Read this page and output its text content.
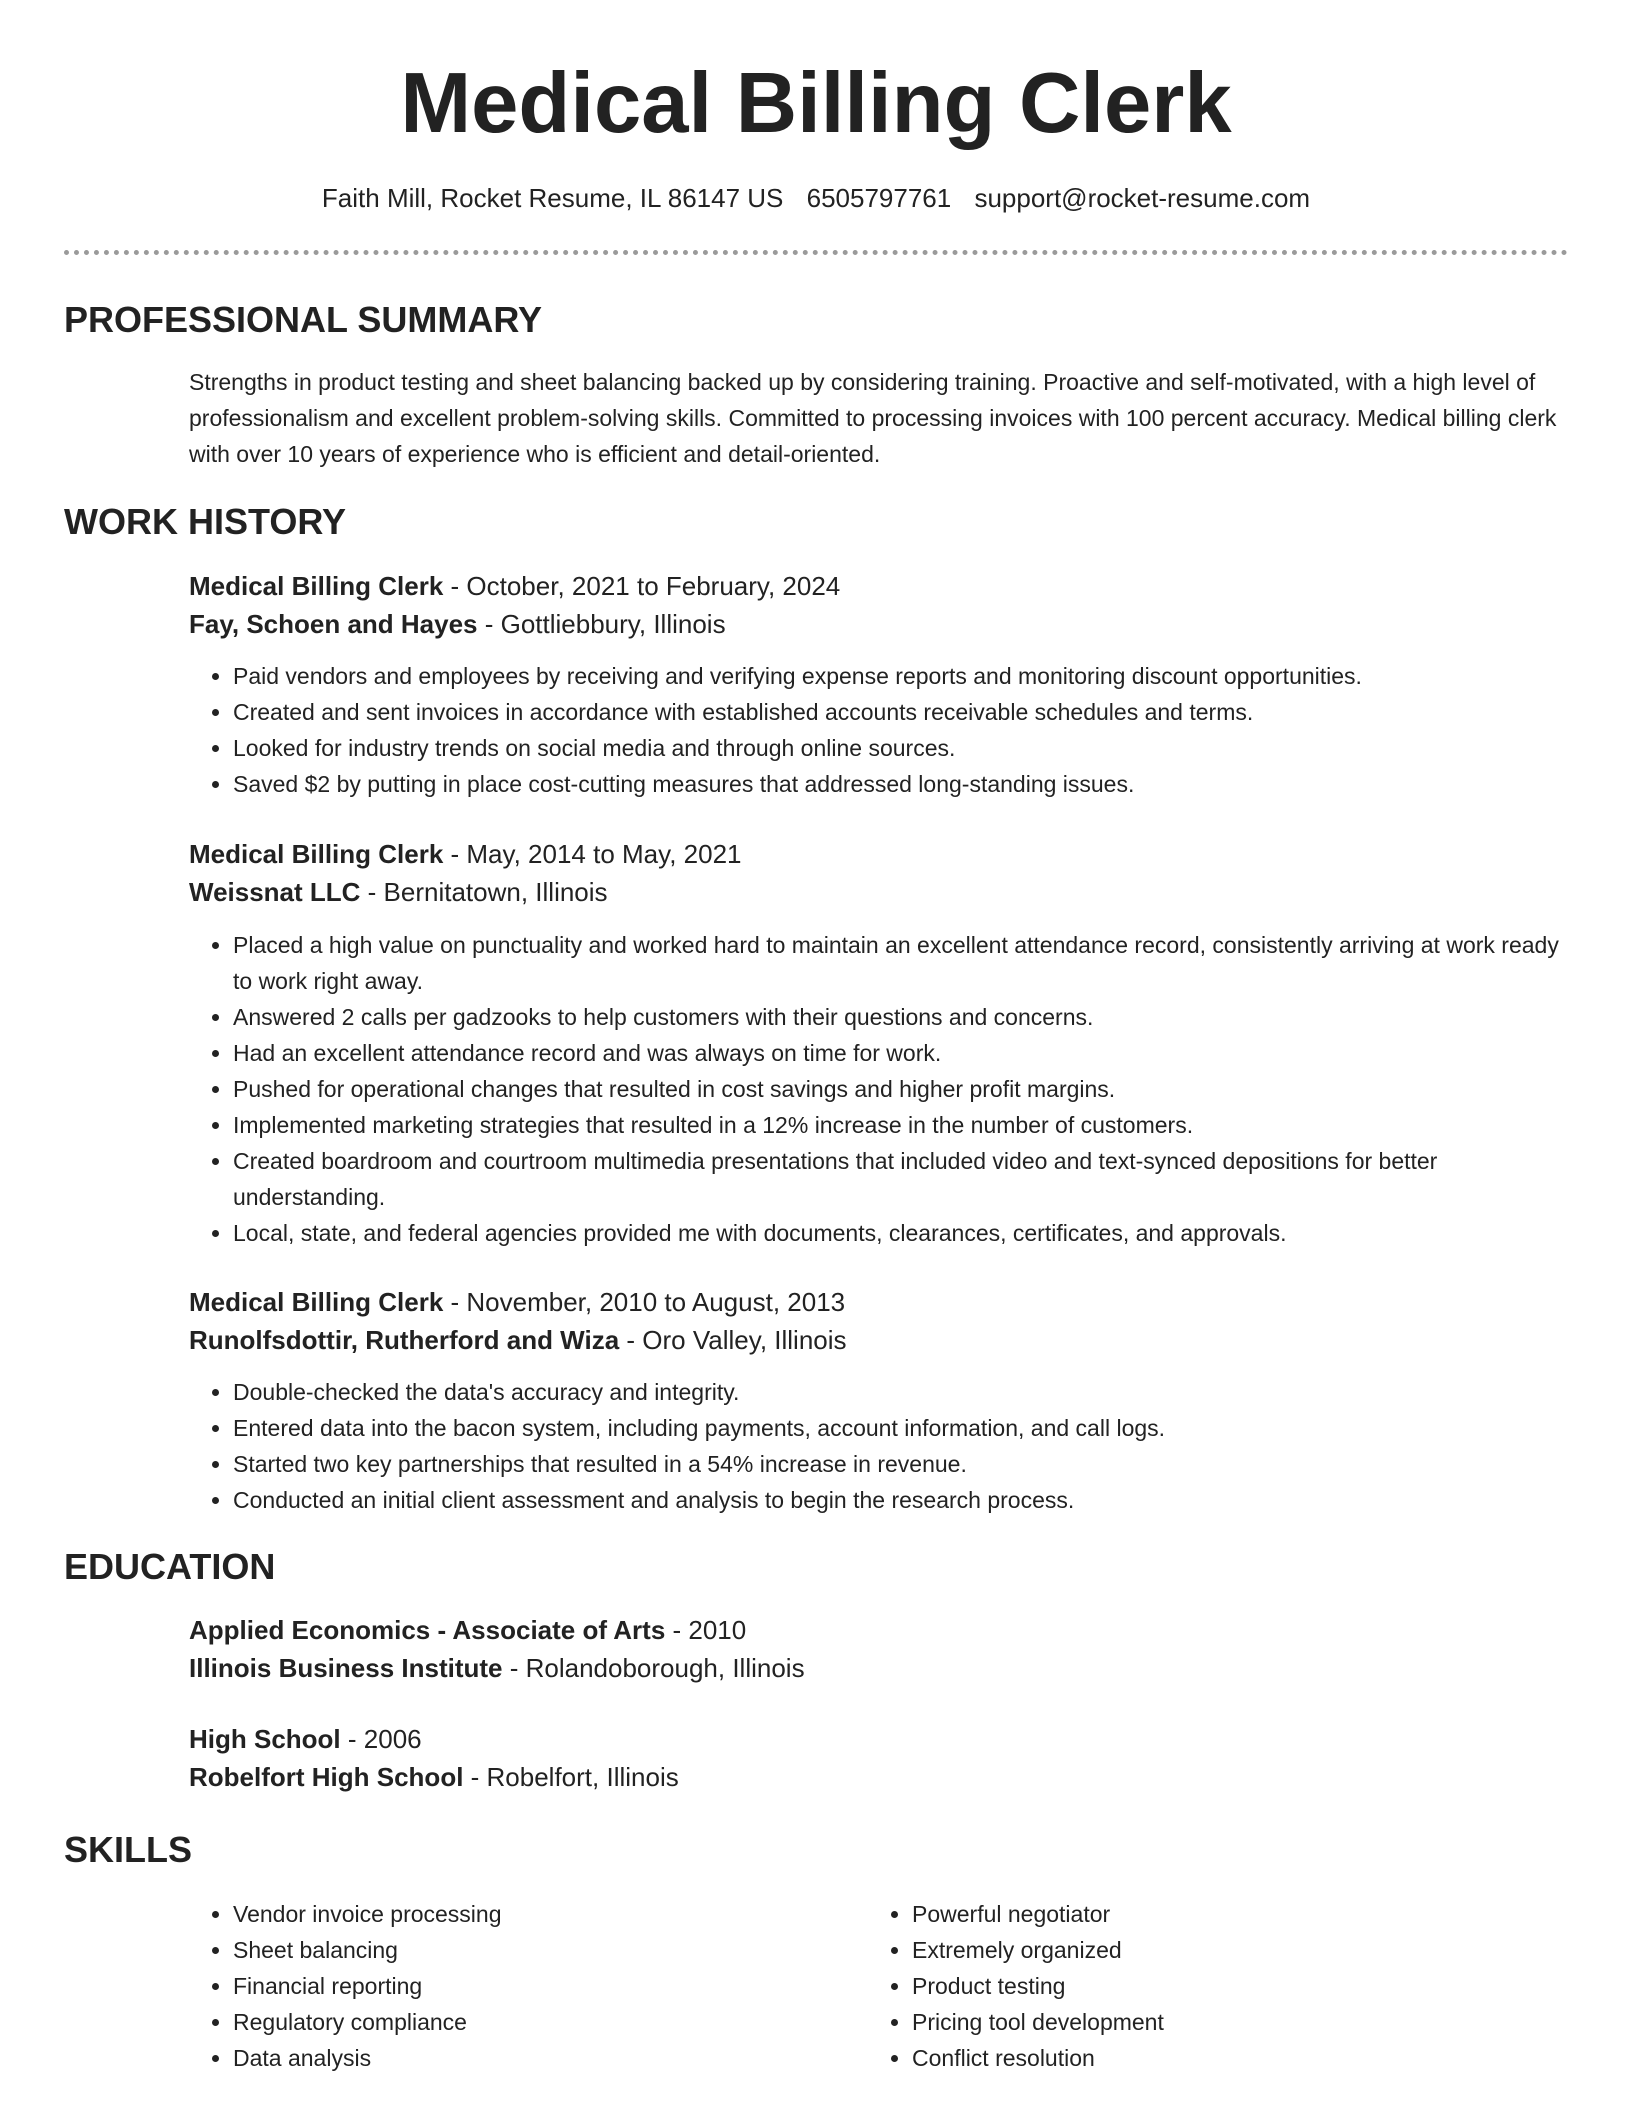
Medical Billing Clerk
Faith Mill, Rocket Resume, IL 86147 US 6505797761 support@rocket-resume.com
PROFESSIONAL SUMMARY

Strengths in product testing and sheet balancing backed up by considering training. Proactive and self-motivated, with a high level of professionalism and excellent problem-solving skills. Committed to processing invoices with 100 percent accuracy. Medical billing clerk with over 10 years of experience who is efficient and detail-oriented.

WORK HISTORY
Medical Billing Clerk - October, 2021 to February, 2024
Fay, Schoen and Hayes - Gottliebbury, Illinois
• Paid vendors and employees by receiving and verifying expense reports and monitoring discount opportunities.
• Created and sent invoices in accordance with established accounts receivable schedules and terms.
• Looked for industry trends on social media and through online sources.
• Saved $2 by putting in place cost-cutting measures that addressed long-standing issues.
Medical Billing Clerk - May, 2014 to May, 2021
Weissnat LLC - Bernitatown, Illinois
• Placed a high value on punctuality and worked hard to maintain an excellent attendance record, consistently arriving at work ready to work right away.
• Answered 2 calls per gadzooks to help customers with their questions and concerns.
• Had an excellent attendance record and was always on time for work.
• Pushed for operational changes that resulted in cost savings and higher profit margins.
• Implemented marketing strategies that resulted in a 12% increase in the number of customers.
• Created boardroom and courtroom multimedia presentations that included video and text-synced depositions for better understanding.
• Local, state, and federal agencies provided me with documents, clearances, certificates, and approvals.
Medical Billing Clerk - November, 2010 to August, 2013
Runolfsdottir, Rutherford and Wiza - Oro Valley, Illinois
• Double-checked the data's accuracy and integrity.
• Entered data into the bacon system, including payments, account information, and call logs.
• Started two key partnerships that resulted in a 54% increase in revenue.
• Conducted an initial client assessment and analysis to begin the research process.
EDUCATION
Applied Economics - Associate of Arts - 2010
Illinois Business Institute - Rolandoborough, Illinois
High School - 2006
Robelfort High School - Robelfort, Illinois
SKILLS
• Vendor invoice processing
• Sheet balancing
• Financial reporting
• Regulatory compliance
• Data analysis
• Powerful negotiator
• Extremely organized
• Product testing
• Pricing tool development
• Conflict resolution
